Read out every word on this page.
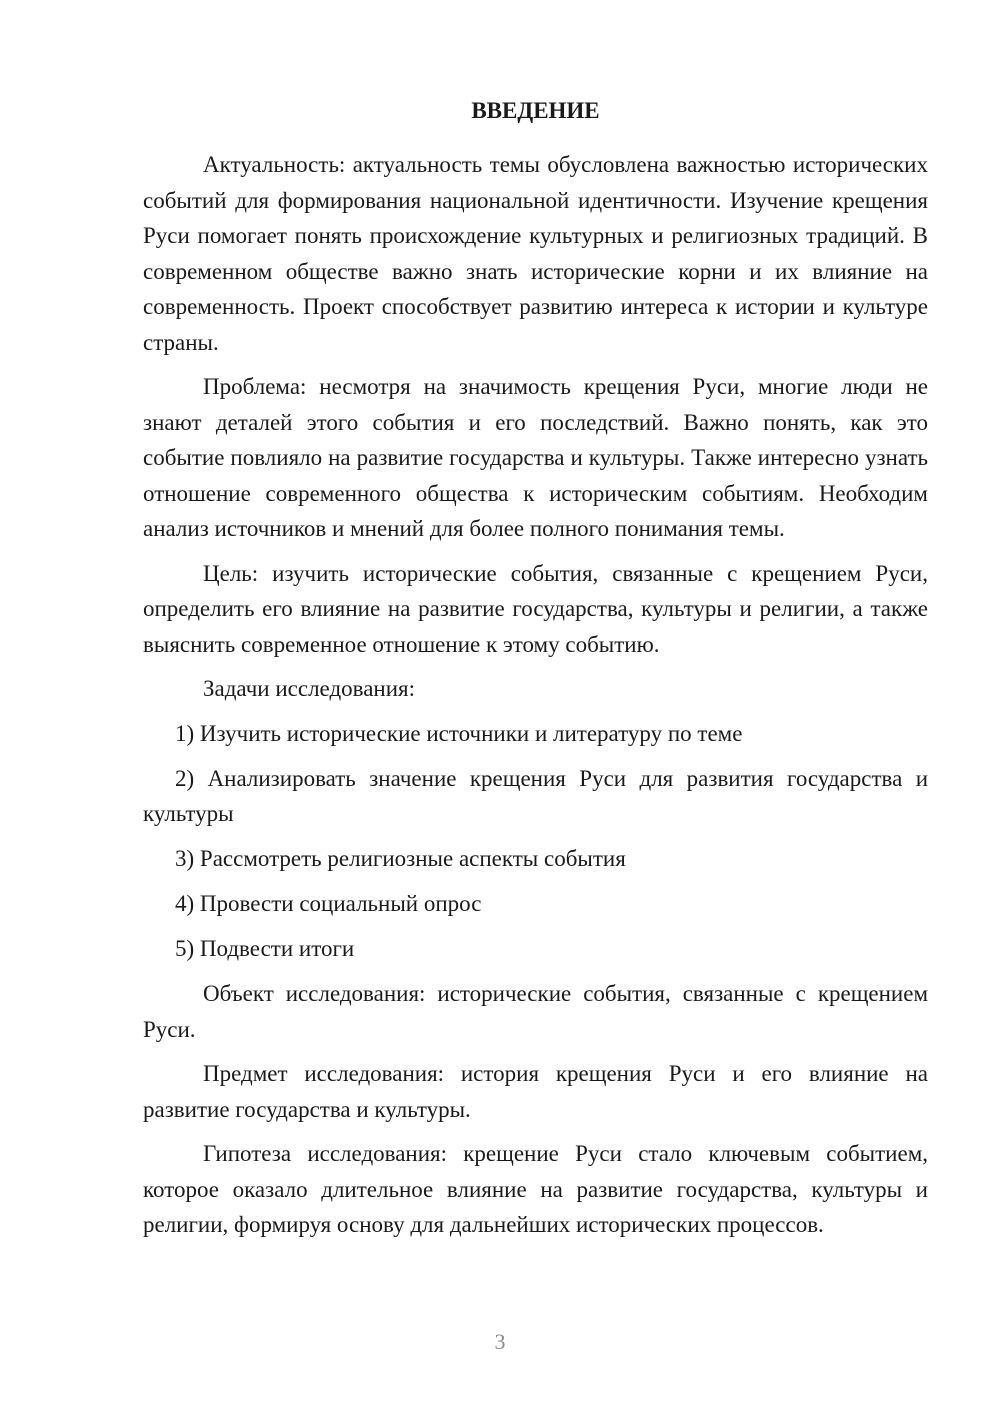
ВВЕДЕНИЕ

Актуальность: актуальность темы обусловлена важностью исторических событий для формирования национальной идентичности. Изучение крещения Руси помогает понять происхождение культурных и религиозных традиций. В современном обществе важно знать исторические корни и их влияние на современность. Проект способствует развитию интереса к истории и культуре страны.

Проблема: несмотря на значимость крещения Руси, многие люди не знают деталей этого события и его последствий. Важно понять, как это событие повлияло на развитие государства и культуры. Также интересно узнать отношение современного общества к историческим событиям. Необходим анализ источников и мнений для более полного понимания темы.

Цель: изучить исторические события, связанные с крещением Руси, определить его влияние на развитие государства, культуры и религии, а также выяснить современное отношение к этому событию.

Задачи исследования:

1) Изучить исторические источники и литературу по теме
2) Анализировать значение крещения Руси для развития государства и культуры
3) Рассмотреть религиозные аспекты события
4) Провести социальный опрос
5) Подвести итоги

Объект исследования: исторические события, связанные с крещением Руси.

Предмет исследования: история крещения Руси и его влияние на развитие государства и культуры.

Гипотеза исследования: крещение Руси стало ключевым событием, которое оказало длительное влияние на развитие государства, культуры и религии, формируя основу для дальнейших исторических процессов.

3
